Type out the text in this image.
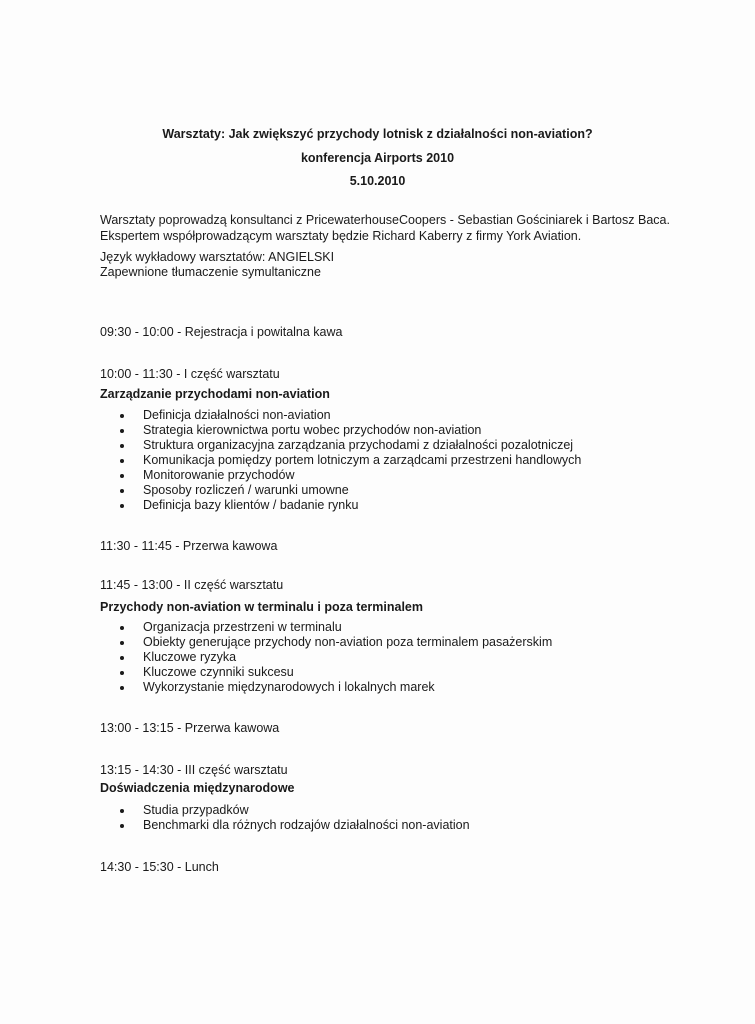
Warsztaty: Jak zwiększyć przychody lotnisk z działalności non-aviation?
konferencja Airports 2010
5.10.2010
Warsztaty poprowadzą konsultanci z PricewaterhouseCoopers - Sebastian Gościniarek i Bartosz Baca.
Ekspertem współprowadzącym warsztaty będzie Richard Kaberry z firmy York Aviation.
Język wykładowy warsztatów: ANGIELSKI
Zapewnione tłumaczenie symultaniczne
09:30 - 10:00 - Rejestracja i powitalna kawa
10:00 - 11:30 - I część warsztatu
Zarządzanie przychodami non-aviation
Definicja działalności non-aviation
Strategia kierownictwa portu wobec przychodów non-aviation
Struktura organizacyjna zarządzania przychodami z działalności pozalotniczej
Komunikacja pomiędzy portem lotniczym a zarządcami przestrzeni handlowych
Monitorowanie przychodów
Sposoby rozliczeń / warunki umowne
Definicja bazy klientów / badanie rynku
11:30 - 11:45 - Przerwa kawowa
11:45 - 13:00 - II część warsztatu
Przychody non-aviation w terminalu i poza terminalem
Organizacja przestrzeni w terminalu
Obiekty generujące przychody non-aviation poza terminalem pasażerskim
Kluczowe ryzyka
Kluczowe czynniki sukcesu
Wykorzystanie międzynarodowych i lokalnych marek
13:00 - 13:15 - Przerwa kawowa
13:15 - 14:30 - III część warsztatu
Doświadczenia międzynarodowe
Studia przypadków
Benchmarki dla różnych rodzajów działalności non-aviation
14:30 - 15:30 - Lunch
